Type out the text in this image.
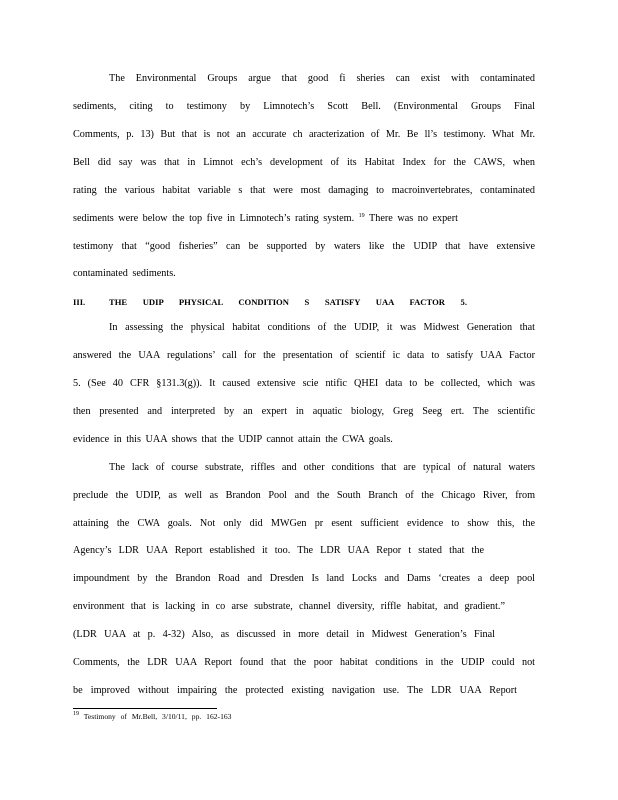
The Environmental Groups argue that good fi sheries can exist with contaminated
sediments, citing to testimony by Limnotech’s Scott Bell. (Environmental Groups Final
Comments, p. 13) But that is not an accurate ch aracterization of Mr. Be ll’s testimony. What Mr.
Bell did say was that in Limnot ech’s development of its Habitat Index for the CAWS, when
rating the various habitat variable s that were most damaging to macroinvertebrates, contaminated
sediments were below the top five in Limnotech’s rating system. $^{19}$ There was no expert
testimony that “good fisheries” can be supported by waters like the UDIP that have extensive
contaminated sediments.
III.	THE UDIP PHYSICAL CONDITION S SATISFY UAA FACTOR 5.
In assessing the physical habitat conditions of the UDIP, it was Midwest Generation that
answered the UAA regulations’ call for the presentation of scientif ic data to satisfy UAA Factor
5. (See 40 CFR §131.3(g)). It caused extensive scie ntific QHEI data to be collected, which was
then presented and interpreted by an expert in aquatic biology, Greg Seeg ert. The scientific
evidence in this UAA shows that the UDIP cannot attain the CWA goals.
The lack of course substrate, riffles and other conditions that are typical of natural waters
preclude the UDIP, as well as Brandon Pool and the South Branch of the Chicago River, from
attaining the CWA goals. Not only did MWGen pr esent sufficient evidence to show this, the
Agency’s LDR UAA Report established it too. The LDR UAA Repor t stated that the
impoundment by the Brandon Road and Dresden Is land Locks and Dams ‘creates a deep pool
environment that is lacking in co arse substrate, channel diversity, riffle habitat, and gradient.”
(LDR UAA at p. 4-32) Also, as discussed in more detail in Midwest Generation’s Final
Comments, the LDR UAA Report found that the poor habitat conditions in the UDIP could not
be improved without impairing the protected existing navigation use. The LDR UAA Report
$^{19}$ Testimony of Mr.Bell, 3/10/11, pp. 162-163
